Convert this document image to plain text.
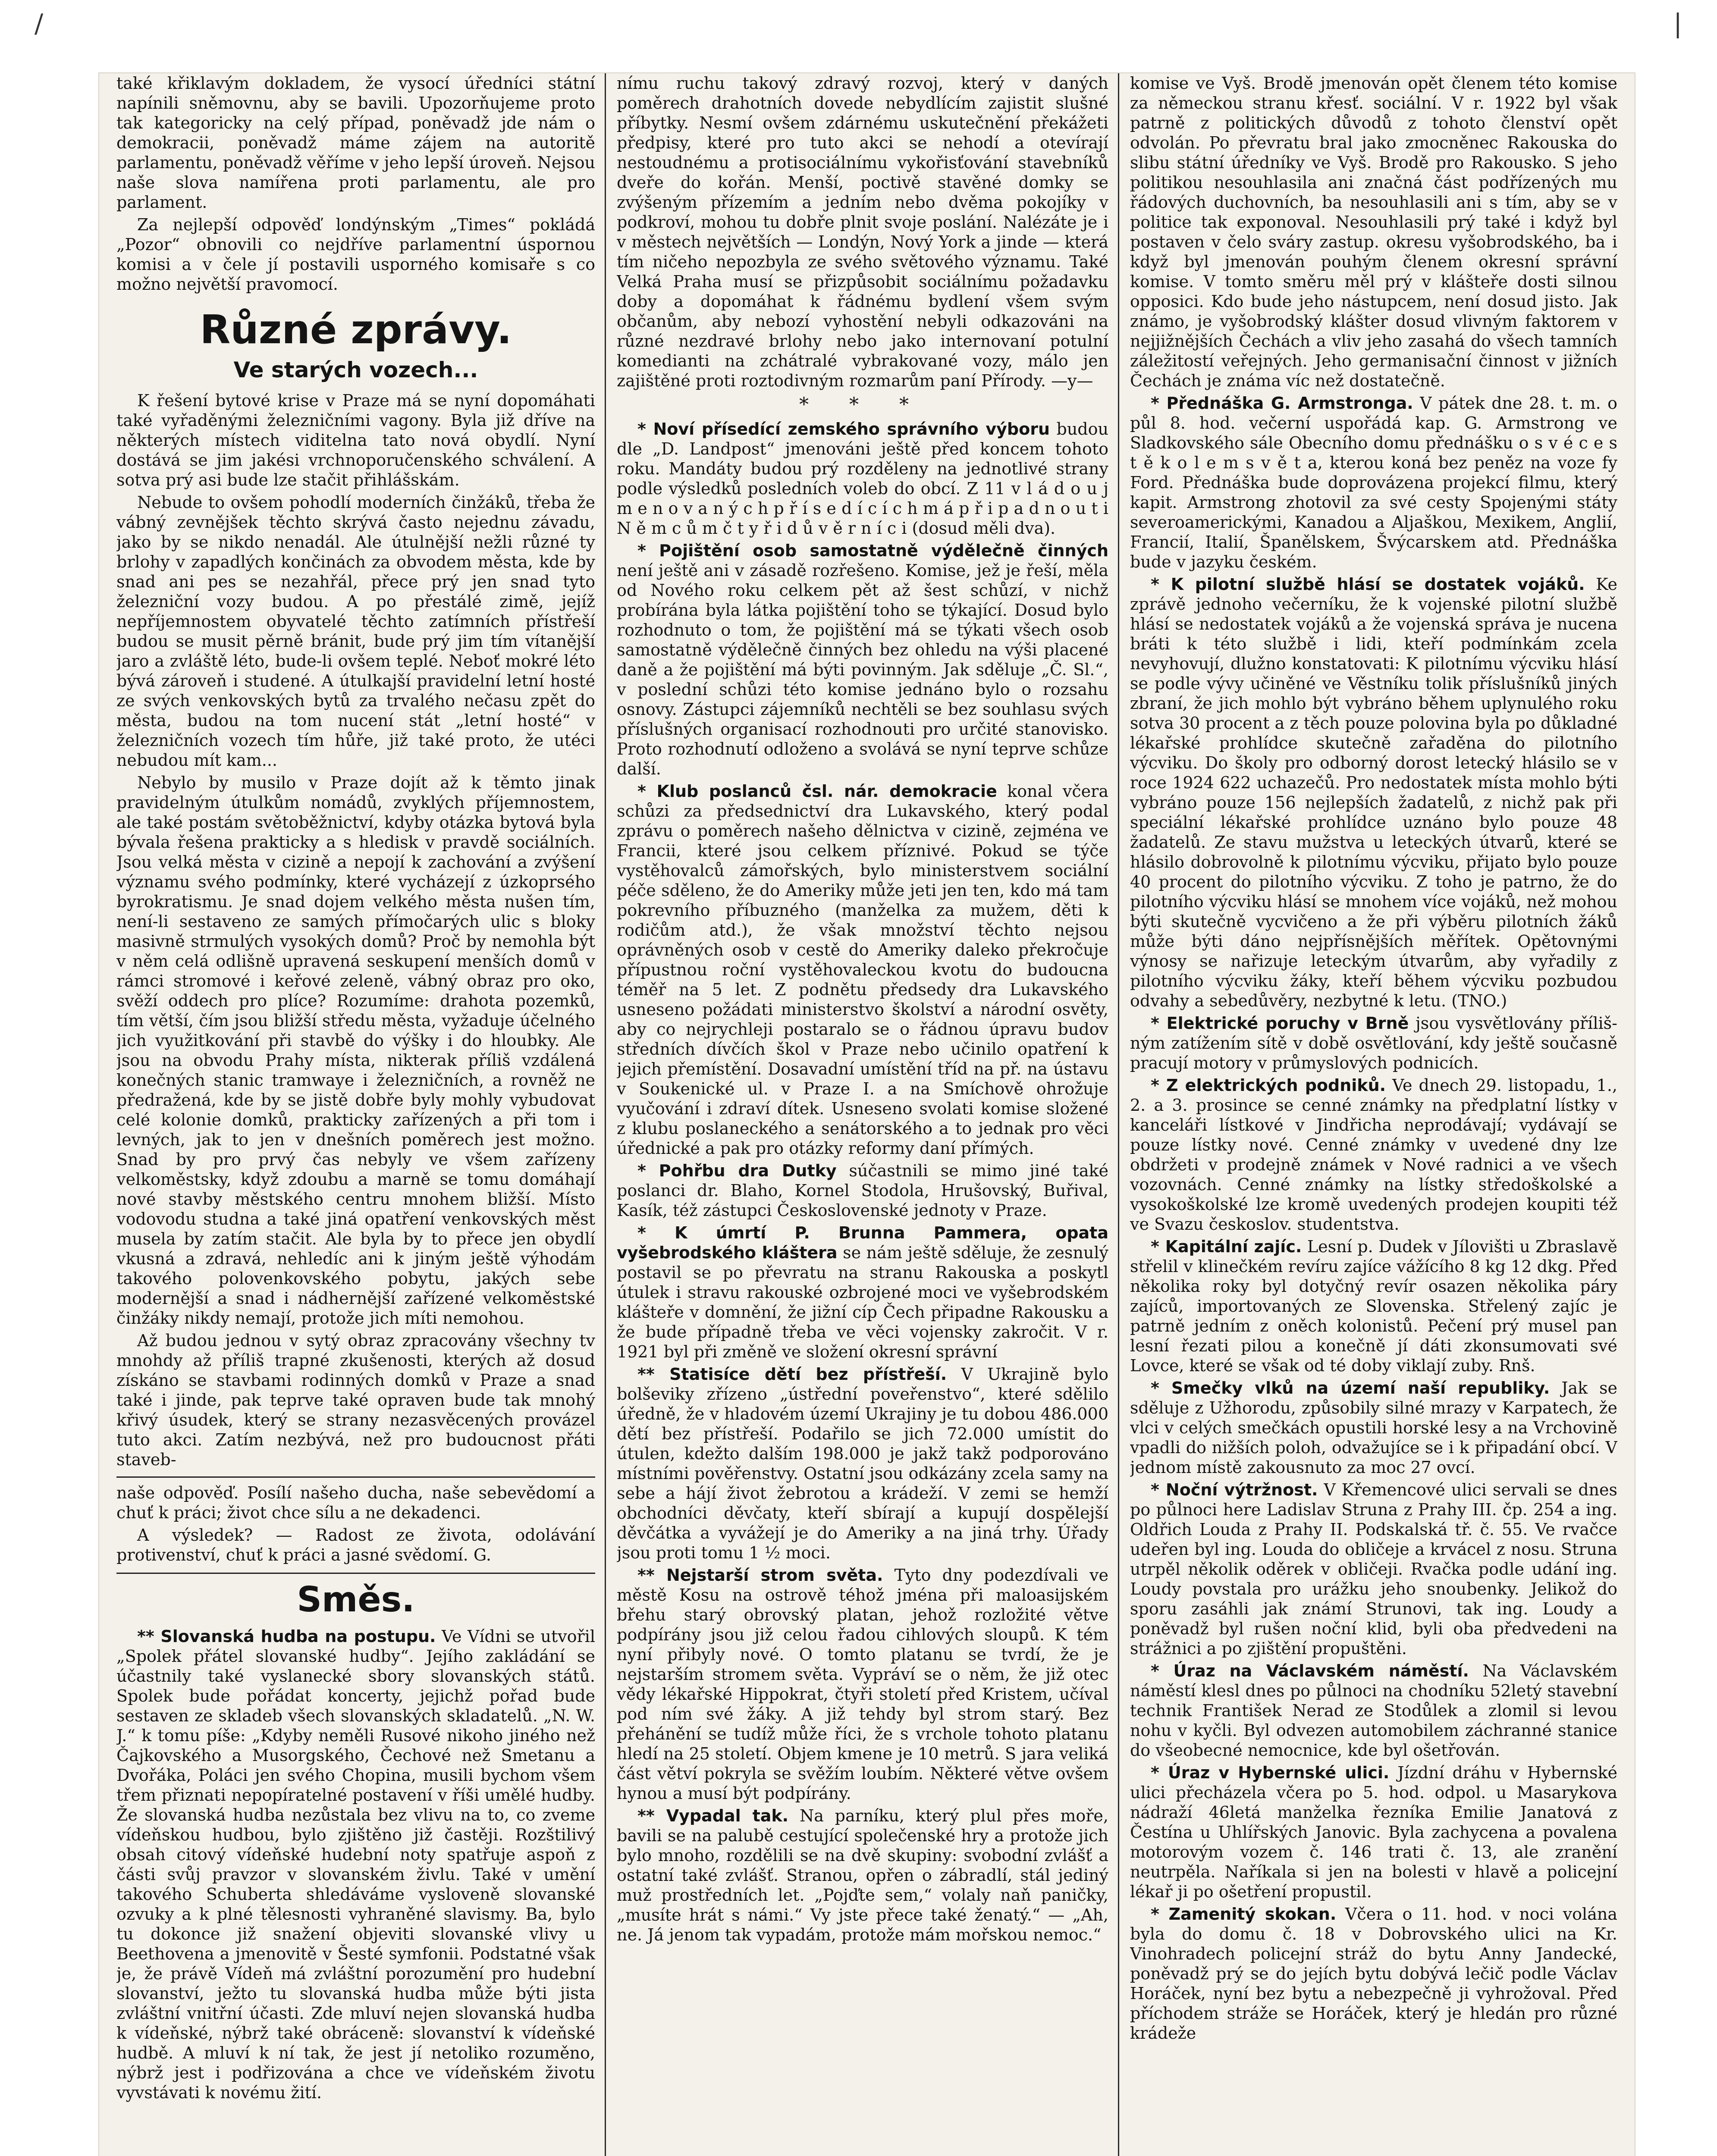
/	|

také křiklavým dokladem, že vysocí úředníci státní napínili sněmovnu, aby se bavili. Upozorňujeme proto tak kategoricky na celý případ, poněvadž jde nám o demokracii, poněvadž máme zájem na autoritě parlamentu, poněvadž věříme v jeho lepší úroveň. Nejsou naše slova namířena proti parlamentu, ale pro parlament.

Za nejlepší odpověď londýnským „Times“ pokládá „Pozor“ obnovili co nejdříve parlamentní úspornou komisi a v čele jí postavili usporného komisaře s co možno největší pravomocí.

Různé zprávy.
Ve starých vozech...

K řešení bytové krise v Praze má se nyní dopomáhati také vyřaděnými železničními vagony. Byla již dříve na některých místech viditelna tato nová obydlí. Nyní dostává se jim jakési vrchnoporučenského schválení. A sotva prý asi bude lze stačit přihlášskám.

Nebude to ovšem pohodlí moderních činžáků, třeba že vábný zevnějšek těchto skrývá často nejednu závadu, jako by se nikdo nenadál. Ale útulnější nežli různé ty brlohy v zapadlých končinách za obvodem města, kde by snad ani pes se nezahřál, přece prý jen snad tyto železniční vozy budou. A po přestálé zimě, jejíž nepříjemnostem obyvatelé těchto zatímních přístřeší budou se musit pěrně bránit, bude prý jim tím vítanější jaro a zvláště léto, bude-li ovšem teplé. Neboť mokré léto bývá zároveň i studené. A útulkajší pravidelní letní hosté ze svých venkovských bytů za trvalého nečasu zpět do města, budou na tom nucení stát „letní hosté“ v železničních vozech tím hůře, již také proto, že utéci nebudou mít kam...

Nebylo by musilo v Praze dojít až k těmto jinak pravidelným útulkům nomádů, zvyklých příjemnostem, ale také postám světoběžnictví, kdyby otázka bytová byla bývala řešena prakticky a s hledisk v pravdě sociálních. Jsou velká města v cizině a nepojí k zachování a zvýšení významu svého podmínky, které vycházejí z úzkoprsého byrokratismu. Je snad dojem velkého města nušen tím, není-li sestaveno ze samých přímočarých ulic s bloky masivně strmulých vysokých domů? Proč by nemohla být v něm celá odlišně upravená seskupení menších domů v rámci stromové i keřové zeleně, vábný obraz pro oko, svěží oddech pro plíce? Rozumíme: drahota pozemků, tím větší, čím jsou bližší středu města, vyžaduje účelného jich využitkování při stavbě do výšky i do hloubky. Ale jsou na obvodu Prahy místa, nikterak příliš vzdálená konečných stanic tramwaye i železničních, a rovněž ne předražená, kde by se jistě dobře byly mohly vybudovat celé kolonie domků, prakticky zařízených a při tom i levných, jak to jen v dnešních poměrech jest možno. Snad by pro prvý čas nebyly ve všem zařízeny velkoměstsky, když zdoubu a marně se tomu domáhají nové stavby městského centru mnohem bližší. Místo vodovodu studna a také jiná opatření venkovských měst musela by zatím stačit. Ale byla by to přece jen obydlí vkusná a zdravá, nehledíc ani k jiným ještě výhodám takového polovenkovského pobytu, jakých sebe modernější a snad i nádhernější zařízené velkoměstské činžáky nikdy nemají, protože jich míti nemohou.

Až budou jednou v sytý obraz zpracovány všechny tv mnohdy až příliš trapné zkušenosti, kterých až dosud získáno se stavbami rodinných domků v Praze a snad také i jinde, pak teprve také opraven bude tak mnohý křivý úsudek, který se strany nezasvěcených provázel tuto akci. Zatím nezbývá, než pro budoucnost přáti staveb-

naše odpověď. Posílí našeho ducha, naše sebevědomí a chuť k práci; život chce sílu a ne dekadenci.

A výsledek? — Radost ze života, odolávání protivenství, chuť k práci a jasné svědomí. G.

Směs.

** Slovanská hudba na postupu. Ve Vídni se utvořil „Spolek přátel slovanské hudby“. Jejího zakládání se účastnily také vyslanecké sbory slovanských států. Spolek bude pořádat koncerty, jejichž pořad bude sestaven ze skladeb všech slovanských skladatelů. „N. W. J.“ k tomu píše: „Kdyby neměli Rusové nikoho jiného než Čajkovského a Musorgského, Čechové než Smetanu a Dvořáka, Poláci jen svého Chopina, musili bychom všem třem přiznati nepopíratelné postavení v říši umělé hudby. Že slovanská hudba nezůstala bez vlivu na to, co zveme vídeňskou hudbou, bylo zjištěno již častěji. Rozštilivý obsah citový vídeňské hudební noty spatřuje aspoň z části svůj pravzor v slovanském živlu. Také v umění takového Schuberta shledáváme vysloveně slovanské ozvuky a k plné tělesnosti vyhraněné slavismy. Ba, bylo tu dokonce již snažení objeviti slovanské vlivy u Beethovena a jmenovitě v Šesté symfonii. Podstatné však je, že právě Vídeň má zvláštní porozumění pro hudební slovanství, ježto tu slovanská hudba může býti jista zvláštní vnitřní účasti. Zde mluví nejen slovanská hudba k vídeňské, nýbrž také obráceně: slovanství k vídeňské hudbě. A mluví k ní tak, že jest jí netoliko rozuměno, nýbrž jest i podřizována a chce ve vídeňském životu vyvstávati k novému žití.

nímu ruchu takový zdravý rozvoj, který v daných poměrech drahotních dovede nebydlícím zajistit slušné příbytky. Nesmí ovšem zdárnému uskutečnění překážeti předpisy, které pro tuto akci se nehodí a otevírají nestoudnému a protisociálnímu vykořisťování stavebníků dveře do kořán. Menší, poctivě stavěné domky se zvýšeným přízemím a jedním nebo dvěma pokojíky v podkroví, mohou tu dobře plnit svoje poslání. Nalézáte je i v městech největších — Londýn, Nový York a jinde — která tím ničeho nepozbyla ze svého světového významu. Také Velká Praha musí se přizpůsobit sociálnímu požadavku doby a dopomáhat k řádnému bydlení všem svým občanům, aby nebozí vyhostění nebyli odkazováni na různé nezdravé brlohy nebo jako internovaní potulní komedianti na zchátralé vybrakované vozy, málo jen zajištěné proti roztodivným rozmarům paní Přírody. —y—

* * *

* Noví přísedící zemského správního výboru budou dle „D. Landpost“ jmenováni ještě před koncem tohoto roku. Mandáty budou prý rozděleny na jednotlivé strany podle výsledků posledních voleb do obcí. Z 11 v l á d o u j m e n o v a n ý c h p ř í s e d í c í c h m á p ř i p a d n o u t i N ě m c ů m č t y ř i d ů v ě r n í c i (dosud měli dva).

* Pojištění osob samostatně výdělečně činných není ještě ani v zásadě rozřešeno. Komise, jež je řeší, měla od Nového roku celkem pět až šest schůzí, v nichž probírána byla látka pojištění toho se týkající. Dosud bylo rozhodnuto o tom, že pojištění má se týkati všech osob samostatně výdělečně činných bez ohledu na výši placené daně a že pojištění má býti povinným. Jak sděluje „Č. Sl.“, v poslední schůzi této komise jednáno bylo o rozsahu osnovy. Zástupci zájemníků nechtěli se bez souhlasu svých příslušných organisací rozhodnouti pro určité stanovisko. Proto rozhodnutí odloženo a svolává se nyní teprve schůze další.

* Klub poslanců čsl. nár. demokracie konal včera schůzi za předsednictví dra Lukavského, který podal zprávu o poměrech našeho dělnictva v cizině, zejména ve Francii, které jsou celkem příznivé. Pokud se týče vystěhovalců zámořských, bylo ministerstvem sociální péče sděleno, že do Ameriky může jeti jen ten, kdo má tam pokrevního příbuzného (manželka za mužem, děti k rodičům atd.), že však množství těchto nejsou oprávněných osob v cestě do Ameriky daleko překročuje přípustnou roční vystěhovaleckou kvotu do budoucna téměř na 5 let. Z podnětu předsedy dra Lukavského usneseno požádati ministerstvo školství a národní osvěty, aby co nejrychleji postaralo se o řádnou úpravu budov středních dívčích škol v Praze nebo učinilo opatření k jejich přemístění. Dosavadní umístění tříd na př. na ústavu v Soukenické ul. v Praze I. a na Smíchově ohrožuje vyučování i zdraví dítek. Usneseno svolati komise složené z klubu poslaneckého a senátorského a to jednak pro věci úřednické a pak pro otázky reformy daní přímých.

* Pohřbu dra Dutky súčastnili se mimo jiné také poslanci dr. Blaho, Kornel Stodola, Hrušovský, Buřival, Kasík, též zástupci Československé jednoty v Praze.

* K úmrtí P. Brunna Pammera, opata vyšebrodského kláštera se nám ještě sděluje, že zesnulý postavil se po převratu na stranu Rakouska a poskytl útulek i stravu rakouské ozbrojené moci ve vyšebrodském klášteře v domnění, že jižní cíp Čech připadne Rakousku a že bude případně třeba ve věci vojensky zakročit. V r. 1921 byl při změně ve složení okresní správní

** Statisíce dětí bez přístřeší. V Ukrajině bylo bolševiky zřízeno „ústřední poveřenstvo“, které sdělilo úředně, že v hladovém území Ukrajiny je tu dobou 486.000 dětí bez přístřeší. Podařilo se jich 72.000 umístit do útulen, kdežto dalším 198.000 je jakž takž podporováno místními pověřenstvy. Ostatní jsou odkázány zcela samy na sebe a hájí život žebrotou a krádeží. V zemi se hemží obchodníci děvčaty, kteří sbírají a kupují dospělejší děvčátka a vyvážejí je do Ameriky a na jiná trhy. Úřady jsou proti tomu 1 ½ moci.

** Nejstarší strom světa. Tyto dny podezdívali ve městě Kosu na ostrově téhož jména při maloasijském břehu starý obrovský platan, jehož rozložité větve podpírány jsou již celou řadou cihlových sloupů. K tém nyní přibyly nové. O tomto platanu se tvrdí, že je nejstarším stromem světa. Vypráví se o něm, že již otec vědy lékařské Hippokrat, čtyři století před Kristem, učíval pod ním své žáky. A již tehdy byl strom starý. Bez přehánění se tudíž může říci, že s vrchole tohoto platanu hledí na 25 století. Objem kmene je 10 metrů. S jara veliká část větví pokryla se svěžím loubím. Některé větve ovšem hynou a musí být podpírány.

** Vypadal tak. Na parníku, který plul přes moře, bavili se na palubě cestující společenské hry a protože jich bylo mnoho, rozdělili se na dvě skupiny: svobodní zvlášť a ostatní také zvlášť. Stranou, opřen o zábradlí, stál jediný muž prostředních let. „Pojďte sem,“ volaly naň paničky, „musíte hrát s námi.“ Vy jste přece také ženatý.“ — „Ah, ne. Já jenom tak vypadám, protože mám mořskou nemoc.“

komise ve Vyš. Brodě jmenován opět členem této komise za německou stranu křesť. sociální. V r. 1922 byl však patrně z politických důvodů z tohoto členství opět odvolán. Po převratu bral jako zmocněnec Rakouska do slibu státní úředníky ve Vyš. Brodě pro Rakousko. S jeho politikou nesouhlasila ani značná část podřízených mu řádových duchovních, ba nesouhlasili ani s tím, aby se v politice tak exponoval. Nesouhlasili prý také i když byl postaven v čelo sváry zastup. okresu vyšobrodského, ba i když byl jmenován pouhým členem okresní správní komise. V tomto směru měl prý v klášteře dosti silnou opposici. Kdo bude jeho nástupcem, není dosud jisto. Jak známo, je vyšobrodský klášter dosud vlivným faktorem v nejjižnějších Čechách a vliv jeho zasahá do všech tamních záležitostí veřejných. Jeho germanisační činnost v jižních Čechách je známa víc než dostatečně.

* Přednáška G. Armstronga. V pátek dne 28. t. m. o půl 8. hod. večerní uspořádá kap. G. Armstrong ve Sladkovského sále Obecního domu přednášku o s v é c e s t ě k o l e m s v ě t a, kterou koná bez peněz na voze fy Ford. Přednáška bude doprovázena projekcí filmu, který kapit. Armstrong zhotovil za své cesty Spojenými státy severoamerickými, Kanadou a Aljaškou, Mexikem, Anglií, Francií, Italií, Španělskem, Švýcarskem atd. Přednáška bude v jazyku českém.

* K pilotní službě hlásí se dostatek vojáků. Ke zprávě jednoho večerníku, že k vojenské pilotní službě hlásí se nedostatek vojáků a že vojenská správa je nucena bráti k této službě i lidi, kteří podmínkám zcela nevyhovují, dlužno konstatovati: K pilotnímu výcviku hlásí se podle vývy učiněné ve Věstníku tolik příslušníků jiných zbraní, že jich mohlo být vybráno během uplynulého roku sotva 30 procent a z těch pouze polovina byla po důkladné lékařské prohlídce skutečně zařaděna do pilotního výcviku. Do školy pro odborný dorost letecký hlásilo se v roce 1924 622 uchazečů. Pro nedostatek místa mohlo býti vybráno pouze 156 nejlepších žadatelů, z nichž pak při speciální lékařské prohlídce uznáno bylo pouze 48 žadatelů. Ze stavu mužstva u leteckých útvarů, které se hlásilo dobrovolně k pilotnímu výcviku, přijato bylo pouze 40 procent do pilotního výcviku. Z toho je patrno, že do pilotního výcviku hlásí se mnohem více vojáků, než mohou býti skutečně vycvičeno a že při výběru pilotních žáků může býti dáno nejpřísnějších měřítek. Opětovnými výnosy se nařizuje leteckým útvarům, aby vyřadily z pilotního výcviku žáky, kteří během výcviku pozbudou odvahy a sebedůvěry, nezbytné k letu. (TNO.)

* Elektrické poruchy v Brně jsou vysvětlovány přílišným zatížením sítě v době osvětlování, kdy ještě současně pracují motory v průmyslových podnicích.

* Z elektrických podniků. Ve dnech 29. listopadu, 1., 2. a 3. prosince se cenné známky na předplatní lístky v kanceláři lístkové v Jindřicha neprodávají; vydávají se pouze lístky nové. Cenné známky v uvedené dny lze obdržeti v prodejně známek v Nové radnici a ve všech vozovnách. Cenné známky na lístky středoškolské a vysokoškolské lze kromě uvedených prodejen koupiti též ve Svazu českoslov. studentstva.

* Kapitální zajíc. Lesní p. Dudek v Jílovišti u Zbraslavě střelil v klinečkém revíru zajíce vážícího 8 kg 12 dkg. Před několika roky byl dotyčný revír osazen několika páry zajíců, importovaných ze Slovenska. Střelený zajíc je patrně jedním z oněch kolonistů. Pečení prý musel pan lesní řezati pilou a konečně jí dáti zkonsumovati své Lovce, které se však od té doby viklají zuby. Rnš.

* Smečky vlků na území naší republiky. Jak se sděluje z Užhorodu, způsobily silné mrazy v Karpatech, že vlci v celých smečkách opustili horské lesy a na Vrchovině vpadli do nižších poloh, odvažujíce se i k připadání obcí. V jednom místě zakousnuto za moc 27 ovcí.

* Noční výtržnost. V Křemencové ulici servali se dnes po půlnoci here Ladislav Struna z Prahy III. čp. 254 a ing. Oldřich Louda z Prahy II. Podskalská tř. č. 55. Ve rvačce udeřen byl ing. Louda do obličeje a krvácel z nosu. Struna utrpěl několik oděrek v obličeji. Rvačka podle udání ing. Loudy povstala pro urážku jeho snoubenky. Jelikož do sporu zasáhli jak známí Strunovi, tak ing. Loudy a poněvadž byl rušen noční klid, byli oba předvedeni na strážnici a po zjištění propuštěni.

* Úraz na Václavském náměstí. Na Václavském náměstí klesl dnes po půlnoci na chodníku 52letý stavební technik František Nerad ze Stodůlek a zlomil si levou nohu v kyčli. Byl odvezen automobilem záchranné stanice do všeobecné nemocnice, kde byl ošetřován.

* Úraz v Hybernské ulici. Jízdní dráhu v Hybernské ulici přecházela včera po 5. hod. odpol. u Masarykova nádraží 46letá manželka řezníka Emilie Janatová z Čestína u Uhlířských Janovic. Byla zachycena a povalena motorovým vozem č. 146 trati č. 13, ale zranění neutrpěla. Naříkala si jen na bolesti v hlavě a policejní lékař ji po ošetření propustil.

* Zamenitý skokan. Včera o 11. hod. v noci volána byla do domu č. 18 v Dobrovského ulici na Kr. Vinohradech policejní stráž do bytu Anny Jandecké, poněvadž prý se do jejích bytu dobývá lečič podle Václav Horáček, nyní bez bytu a nebezpečně ji vyhrožoval. Před příchodem stráže se Horáček, který je hledán pro různé krádeže
